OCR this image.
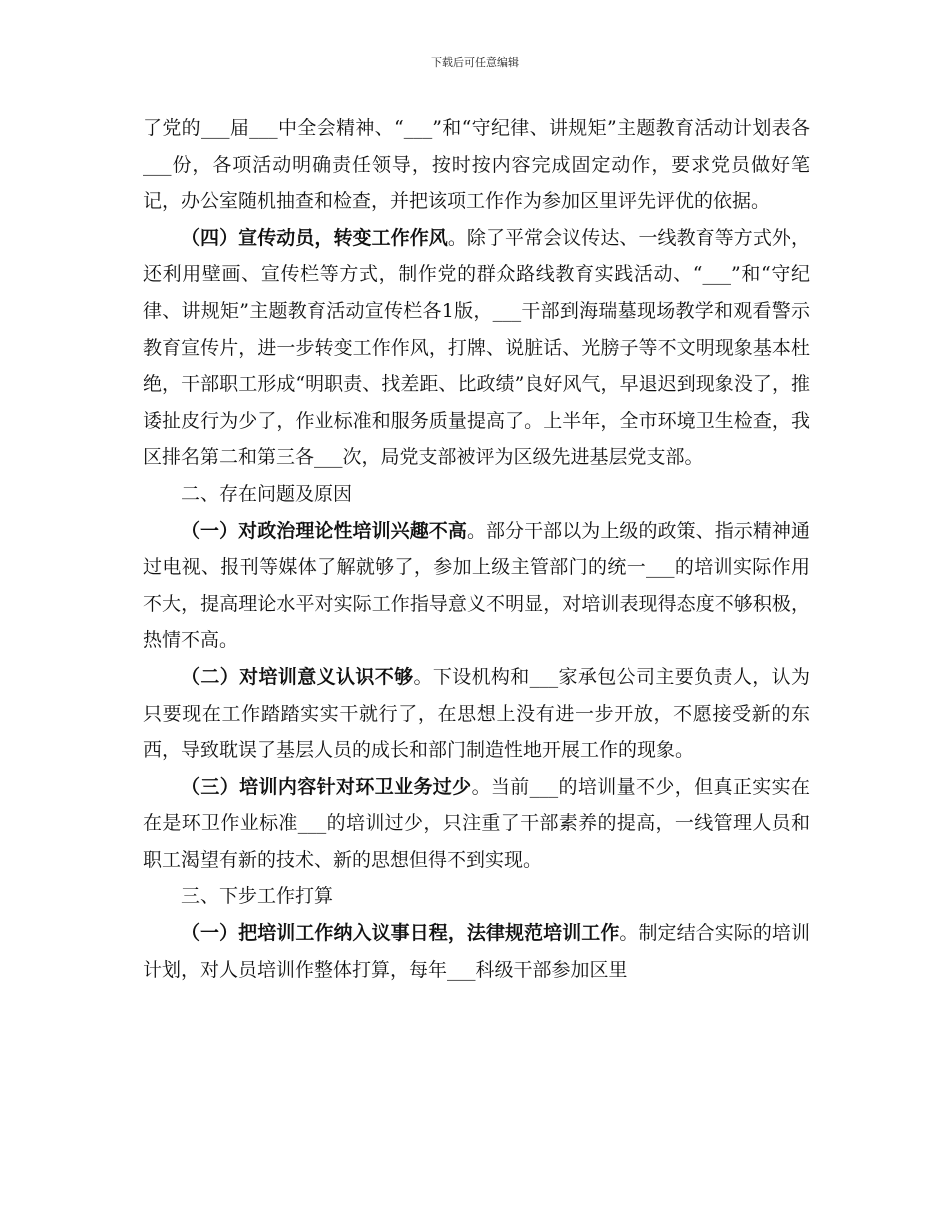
下载后可任意编辑

了党的___届___中全会精神、“___”和“守纪律、讲规矩”主题教育活动计划表各___份，各项活动明确责任领导，按时按内容完成固定动作，要求党员做好笔记，办公室随机抽查和检查，并把该项工作作为参加区里评先评优的依据。

（四）宣传动员，转变工作作风。除了平常会议传达、一线教育等方式外，还利用壁画、宣传栏等方式，制作党的群众路线教育实践活动、“___”和“守纪律、讲规矩”主题教育活动宣传栏各1版，___干部到海瑞墓现场教学和观看警示教育宣传片，进一步转变工作作风，打牌、说脏话、光膀子等不文明现象基本杜绝，干部职工形成“明职责、找差距、比政绩”良好风气，早退迟到现象没了，推诿扯皮行为少了，作业标准和服务质量提高了。上半年，全市环境卫生检查，我区排名第二和第三各___次，局党支部被评为区级先进基层党支部。

二、存在问题及原因

（一）对政治理论性培训兴趣不高。部分干部以为上级的政策、指示精神通过电视、报刊等媒体了解就够了，参加上级主管部门的统一___的培训实际作用不大，提高理论水平对实际工作指导意义不明显，对培训表现得态度不够积极，热情不高。

（二）对培训意义认识不够。下设机构和___家承包公司主要负责人，认为只要现在工作踏踏实实干就行了，在思想上没有进一步开放，不愿接受新的东西，导致耽误了基层人员的成长和部门制造性地开展工作的现象。

（三）培训内容针对环卫业务过少。当前___的培训量不少，但真正实实在在是环卫作业标准___的培训过少，只注重了干部素养的提高，一线管理人员和职工渴望有新的技术、新的思想但得不到实现。

三、下步工作打算

（一）把培训工作纳入议事日程，法律规范培训工作。制定结合实际的培训计划，对人员培训作整体打算，每年___科级干部参加区里
